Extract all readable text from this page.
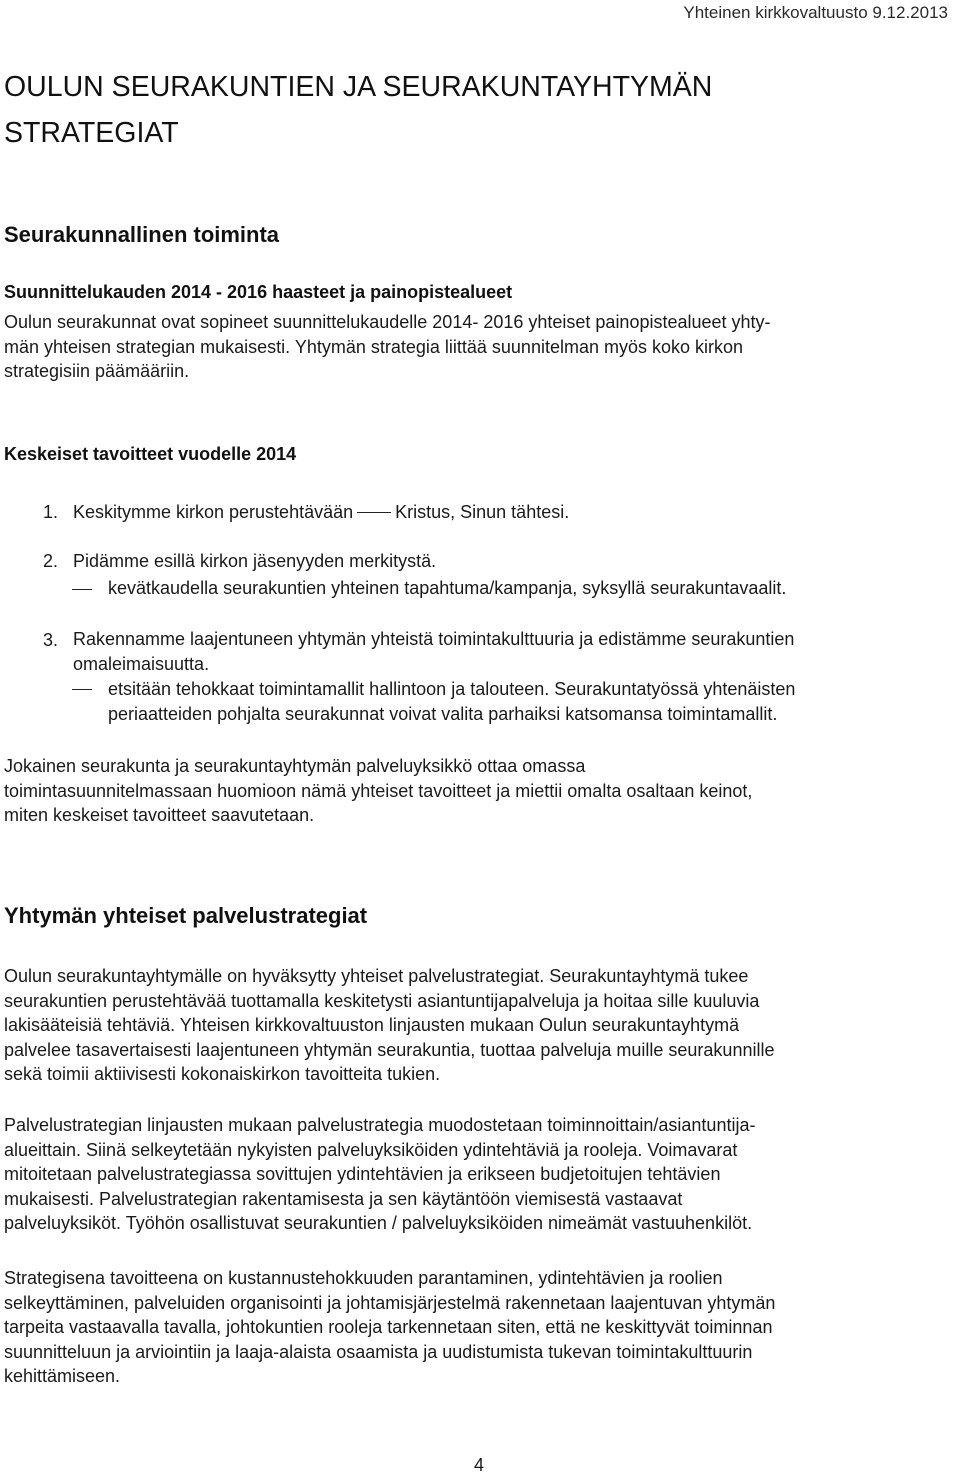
Yhteinen kirkkovaltuusto 9.12.2013
OULUN SEURAKUNTIEN JA SEURAKUNTAYHTYMÄN
STRATEGIAT
Seurakunnallinen toiminta
Suunnittelukauden 2014 - 2016 haasteet ja painopistealueet

Oulun seurakunnat ovat sopineet suunnittelukaudelle 2014- 2016 yhteiset painopistealueet yhty-

män yhteisen strategian mukaisesti. Yhtymän strategia liittää suunnitelman myös koko kirkon

strategisiin päämääriin.

Keskeiset tavoitteet vuodelle 2014
1. Keskitymme kirkon perustehtävään Kristus, Sinun tähtesi.
2. Pidämme esillä kirkon jäsenyyden merkitystä.

kevätkaudella seurakuntien yhteinen tapahtuma/kampanja, syksyllä seurakuntavaalit.

3. Rakennamme laajentuneen yhtymän yhteistä toimintakulttuuria ja edistämme seurakuntien

omaleimaisuutta.

etsitään tehokkaat toimintamallit hallintoon ja talouteen. Seurakuntatyössä yhtenäisten

periaatteiden pohjalta seurakunnat voivat valita parhaiksi katsomansa toimintamallit.

Jokainen seurakunta ja seurakuntayhtymän palveluyksikkö ottaa omassa

toimintasuunnitelmassaan huomioon nämä yhteiset tavoitteet ja miettii omalta osaltaan keinot,

miten keskeiset tavoitteet saavutetaan.

Yhtymän yhteiset palvelustrategiat

Oulun seurakuntayhtymälle on hyväksytty yhteiset palvelustrategiat. Seurakuntayhtymä tukee

seurakuntien perustehtävää tuottamalla keskitetysti asiantuntijapalveluja ja hoitaa sille kuuluvia

lakisääteisiä tehtäviä. Yhteisen kirkkovaltuuston linjausten mukaan Oulun seurakuntayhtymä

palvelee tasavertaisesti laajentuneen yhtymän seurakuntia, tuottaa palveluja muille seurakunnille

sekä toimii aktiivisesti kokonaiskirkon tavoitteita tukien.

Palvelustrategian linjausten mukaan palvelustrategia muodostetaan toiminnoittain/asiantuntija-

alueittain. Siinä selkeytetään nykyisten palveluyksiköiden ydintehtäviä ja rooleja. Voimavarat

mitoitetaan palvelustrategiassa sovittujen ydintehtävien ja erikseen budjetoitujen tehtävien

mukaisesti. Palvelustrategian rakentamisesta ja sen käytäntöön viemisestä vastaavat

palveluyksiköt. Työhön osallistuvat seurakuntien / palveluyksiköiden nimeämät vastuuhenkilöt.

Strategisena tavoitteena on kustannustehokkuuden parantaminen, ydintehtävien ja roolien

selkeyttäminen, palveluiden organisointi ja johtamisjärjestelmä rakennetaan laajentuvan yhtymän

tarpeita vastaavalla tavalla, johtokuntien rooleja tarkennetaan siten, että ne keskittyvät toiminnan

suunnitteluun ja arviointiin ja laaja-alaista osaamista ja uudistumista tukevan toimintakulttuurin

kehittämiseen.

4
